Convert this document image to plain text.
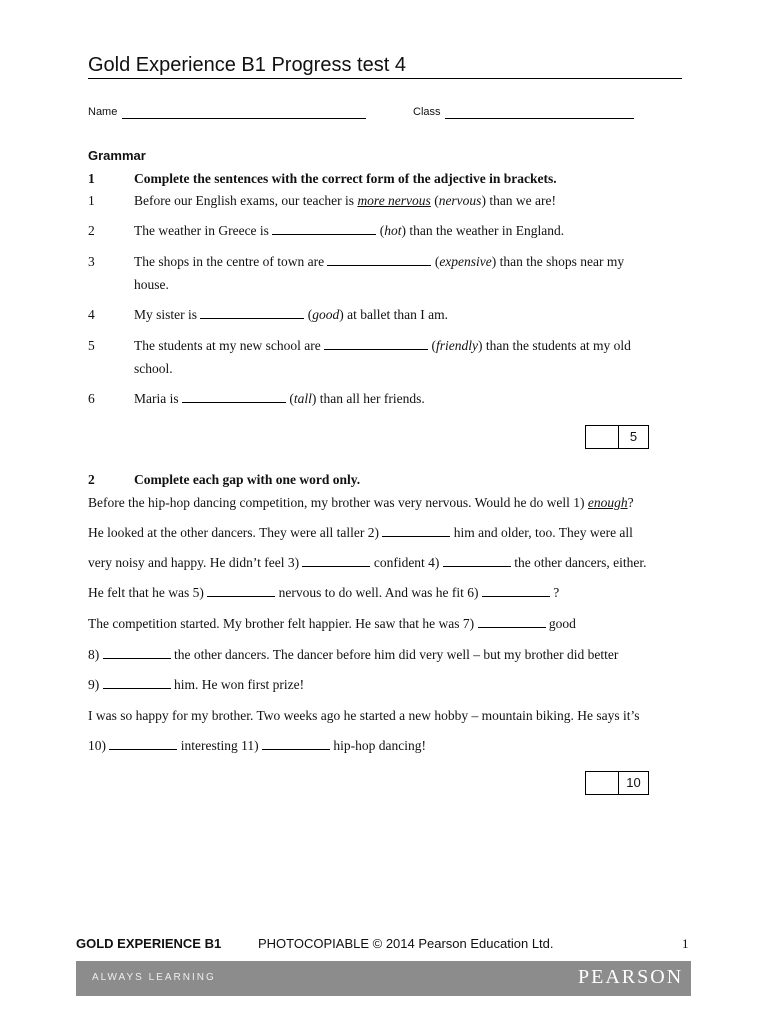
Gold Experience B1 Progress test 4
Name	Class
Grammar
1	Complete the sentences with the correct form of the adjective in brackets.
1	Before our English exams, our teacher is more nervous (nervous) than we are!
2	The weather in Greece is	(hot) than the weather in England.
3	The shops in the centre of town are	(expensive) than the shops near my
house.
4	My sister is	(good) at ballet than I am.
5	The students at my new school are	(friendly) than the students at my old
school.
6	Maria is	(tall) than all her friends.
5
2	Complete each gap with one word only.
Before the hip-hop dancing competition, my brother was very nervous. Would he do well 1) enough?
He looked at the other dancers. They were all taller 2)	him and older, too. They were all
very noisy and happy. He didn’t feel 3)	confident 4)	the other dancers, either.
He felt that he was 5)	nervous to do well. And was he fit 6)	?
The competition started. My brother felt happier. He saw that he was 7)	good
8)	the other dancers. The dancer before him did very well – but my brother did better
9)	him. He won first prize!
I was so happy for my brother. Two weeks ago he started a new hobby – mountain biking. He says it’s
10)	interesting 11)	hip-hop dancing!
10
GOLD EXPERIENCE B1	PHOTOCOPIABLE © 2014 Pearson Education Ltd.	1
ALWAYS LEARNING	PEARSON
